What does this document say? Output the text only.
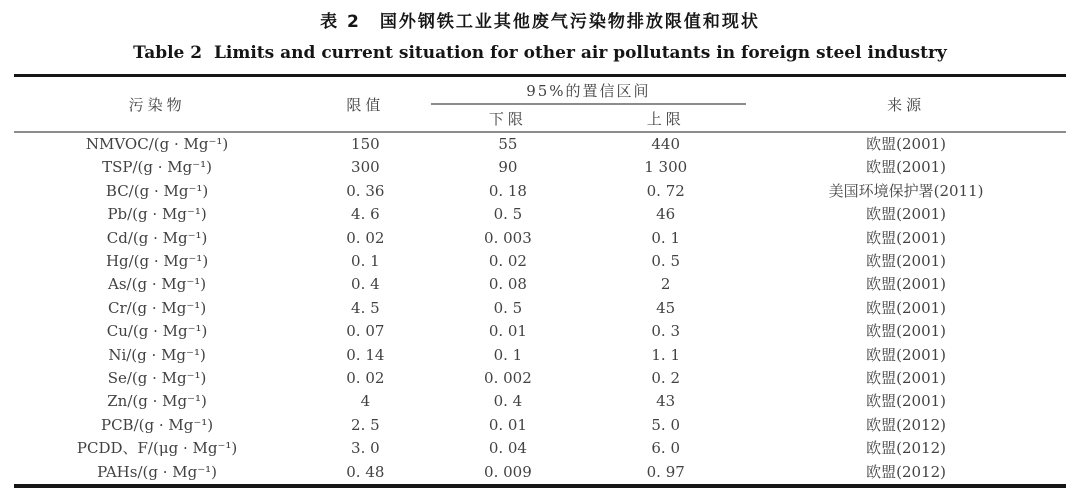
表 2　国外钢铁工业其他废气污染物排放限值和现状
Table 2  Limits and current situation for other air pollutants in foreign steel industry
污染物	限值	95%的置信区间		来源
		下限	上限	
NMVOC/(g · Mg⁻¹)	150	55	440	欧盟(2001)
TSP/(g · Mg⁻¹)	300	90	1 300	欧盟(2001)
BC/(g · Mg⁻¹)	0. 36	0. 18	0. 72	美国环境保护署(2011)
Pb/(g · Mg⁻¹)	4. 6	0. 5	46	欧盟(2001)
Cd/(g · Mg⁻¹)	0. 02	0. 003	0. 1	欧盟(2001)
Hg/(g · Mg⁻¹)	0. 1	0. 02	0. 5	欧盟(2001)
As/(g · Mg⁻¹)	0. 4	0. 08	2	欧盟(2001)
Cr/(g · Mg⁻¹)	4. 5	0. 5	45	欧盟(2001)
Cu/(g · Mg⁻¹)	0. 07	0. 01	0. 3	欧盟(2001)
Ni/(g · Mg⁻¹)	0. 14	0. 1	1. 1	欧盟(2001)
Se/(g · Mg⁻¹)	0. 02	0. 002	0. 2	欧盟(2001)
Zn/(g · Mg⁻¹)	4	0. 4	43	欧盟(2001)
PCB/(g · Mg⁻¹)	2. 5	0. 01	5. 0	欧盟(2012)
PCDD、F/(μg · Mg⁻¹)	3. 0	0. 04	6. 0	欧盟(2012)
PAHs/(g · Mg⁻¹)	0. 48	0. 009	0. 97	欧盟(2012)
